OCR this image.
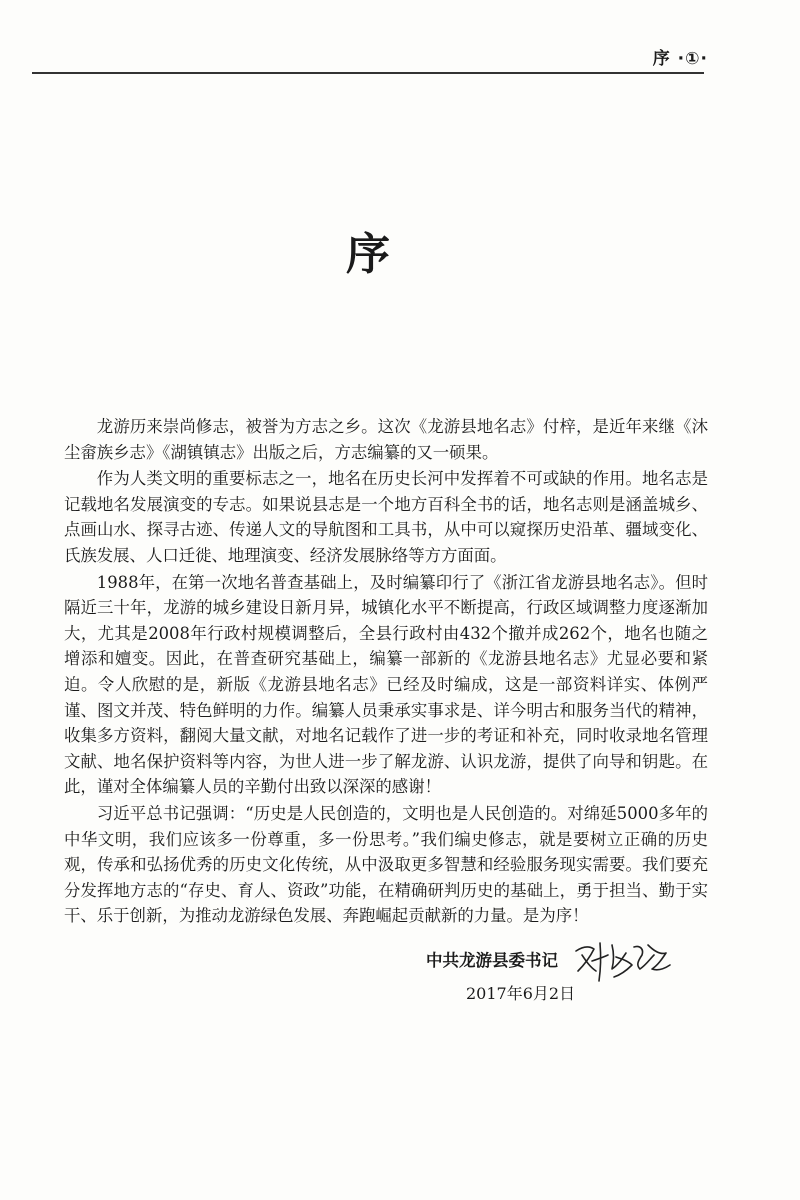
序 ·①·
序

龙游历来崇尚修志，被誉为方志之乡。这次《龙游县地名志》付梓，是近年来继《沐尘畲族乡志》《湖镇镇志》出版之后，方志编纂的又一硕果。

作为人类文明的重要标志之一，地名在历史长河中发挥着不可或缺的作用。地名志是记载地名发展演变的专志。如果说县志是一个地方百科全书的话，地名志则是涵盖城乡、点画山水、探寻古迹、传递人文的导航图和工具书，从中可以窥探历史沿革、疆域变化、氏族发展、人口迁徙、地理演变、经济发展脉络等方方面面。

1988年，在第一次地名普查基础上，及时编纂印行了《浙江省龙游县地名志》。但时隔近三十年，龙游的城乡建设日新月异，城镇化水平不断提高，行政区域调整力度逐渐加大，尤其是2008年行政村规模调整后，全县行政村由432个撤并成262个，地名也随之增添和嬗变。因此，在普查研究基础上，编纂一部新的《龙游县地名志》尤显必要和紧迫。令人欣慰的是，新版《龙游县地名志》已经及时编成，这是一部资料详实、体例严谨、图文并茂、特色鲜明的力作。编纂人员秉承实事求是、详今明古和服务当代的精神，收集多方资料，翻阅大量文献，对地名记载作了进一步的考证和补充，同时收录地名管理文献、地名保护资料等内容，为世人进一步了解龙游、认识龙游，提供了向导和钥匙。在此，谨对全体编纂人员的辛勤付出致以深深的感谢！

习近平总书记强调：“历史是人民创造的，文明也是人民创造的。对绵延5000多年的中华文明，我们应该多一份尊重，多一份思考。”我们编史修志，就是要树立正确的历史观，传承和弘扬优秀的历史文化传统，从中汲取更多智慧和经验服务现实需要。我们要充分发挥地方志的“存史、育人、资政”功能，在精确研判历史的基础上，勇于担当、勤于实干、乐于创新，为推动龙游绿色发展、奔跑崛起贡献新的力量。是为序！

中共龙游县委书记
2017年6月2日
